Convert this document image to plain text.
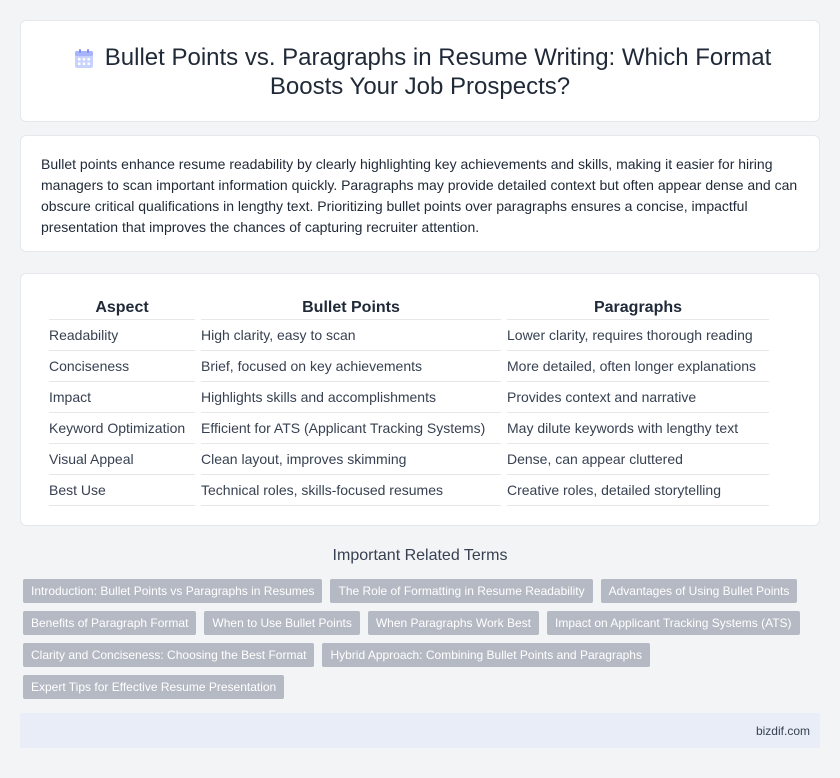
Bullet Points vs. Paragraphs in Resume Writing: Which Format Boosts Your Job Prospects?

Bullet points enhance resume readability by clearly highlighting key achievements and skills, making it easier for hiring managers to scan important information quickly. Paragraphs may provide detailed context but often appear dense and can obscure critical qualifications in lengthy text. Prioritizing bullet points over paragraphs ensures a concise, impactful presentation that improves the chances of capturing recruiter attention.

Aspect	Bullet Points	Paragraphs
Readability	High clarity, easy to scan	Lower clarity, requires thorough reading
Conciseness	Brief, focused on key achievements	More detailed, often longer explanations
Impact	Highlights skills and accomplishments	Provides context and narrative
Keyword Optimization	Efficient for ATS (Applicant Tracking Systems)	May dilute keywords with lengthy text
Visual Appeal	Clean layout, improves skimming	Dense, can appear cluttered
Best Use	Technical roles, skills-focused resumes	Creative roles, detailed storytelling
Important Related Terms
Introduction: Bullet Points vs Paragraphs in Resumes	The Role of Formatting in Resume Readability	Advantages of Using Bullet Points
Benefits of Paragraph Format	When to Use Bullet Points	When Paragraphs Work Best	Impact on Applicant Tracking Systems (ATS)
Clarity and Conciseness: Choosing the Best Format	Hybrid Approach: Combining Bullet Points and Paragraphs
Expert Tips for Effective Resume Presentation
bizdif.com
